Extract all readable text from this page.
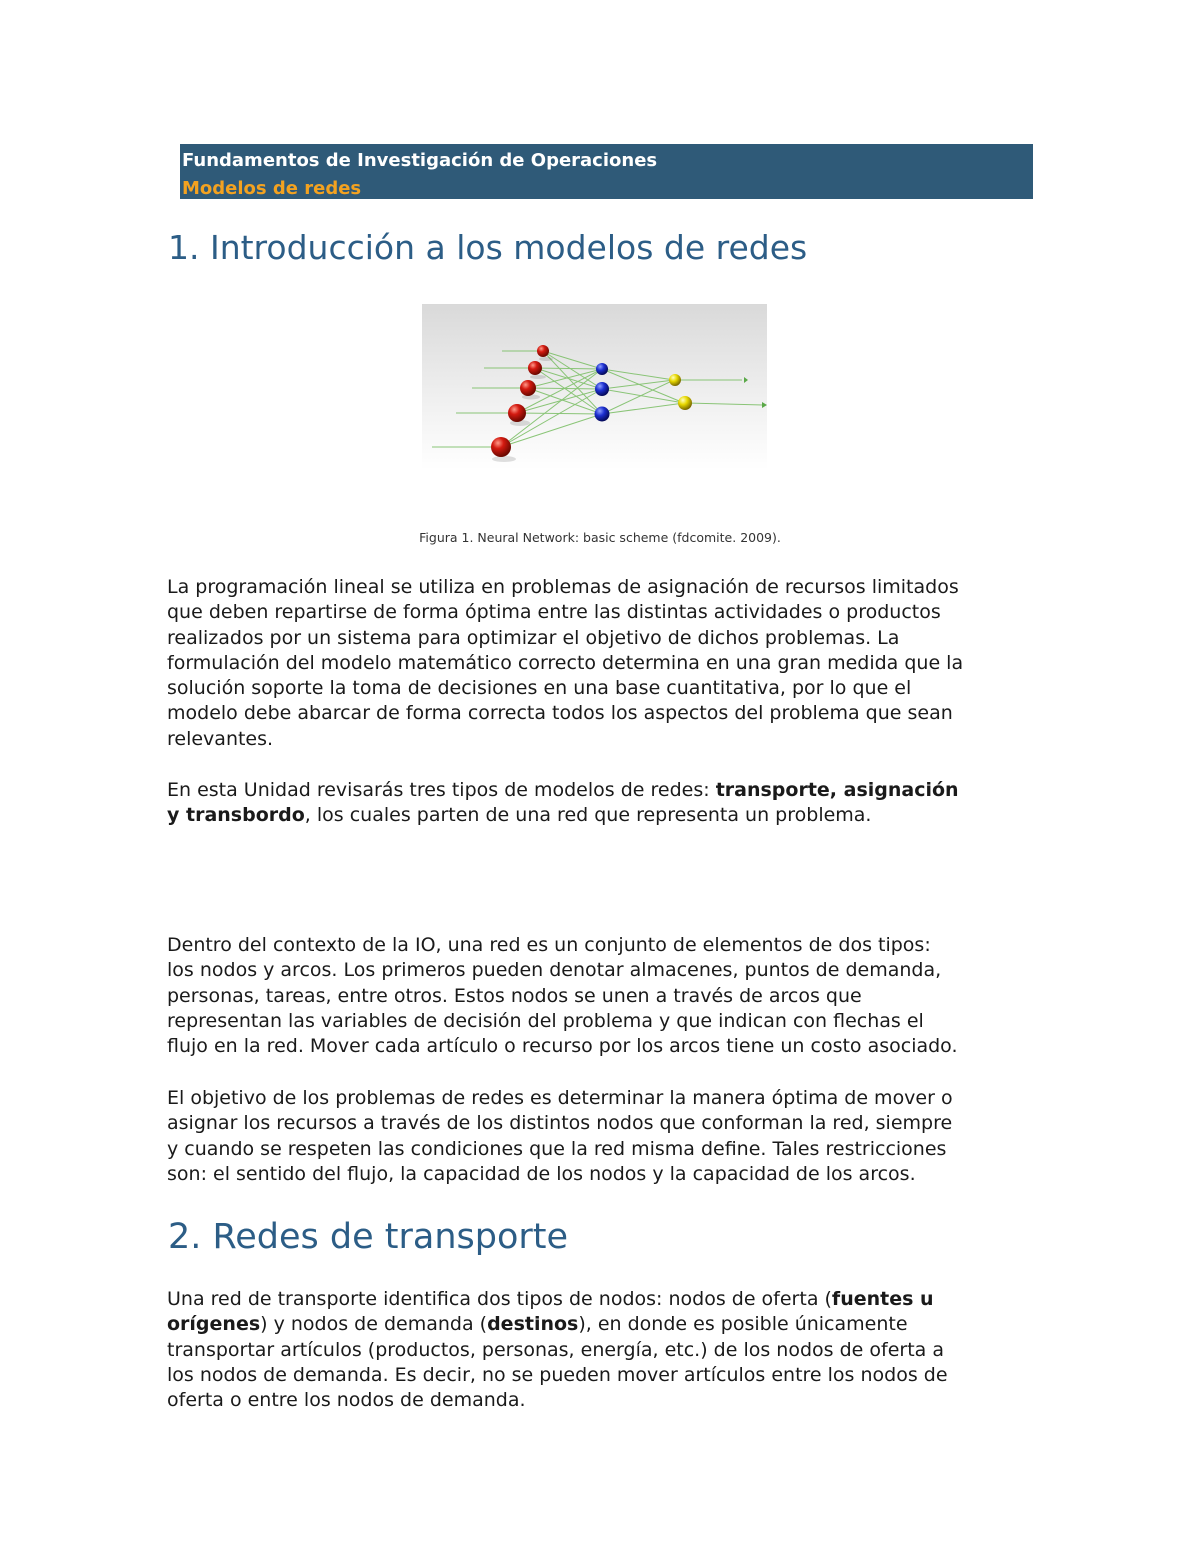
Fundamentos de Investigación de Operaciones
Modelos de redes
1. Introducción a los modelos de redes
Figura 1. Neural Network: basic scheme (fdcomite. 2009).
La programación lineal se utiliza en problemas de asignación de recursos limitados
que deben repartirse de forma óptima entre las distintas actividades o productos
realizados por un sistema para optimizar el objetivo de dichos problemas. La
formulación del modelo matemático correcto determina en una gran medida que la
solución soporte la toma de decisiones en una base cuantitativa, por lo que el
modelo debe abarcar de forma correcta todos los aspectos del problema que sean
relevantes.
En esta Unidad revisarás tres tipos de modelos de redes: transporte, asignación
y transbordo, los cuales parten de una red que representa un problema.
Dentro del contexto de la IO, una red es un conjunto de elementos de dos tipos:
los nodos y arcos. Los primeros pueden denotar almacenes, puntos de demanda,
personas, tareas, entre otros. Estos nodos se unen a través de arcos que
representan las variables de decisión del problema y que indican con flechas el
flujo en la red. Mover cada artículo o recurso por los arcos tiene un costo asociado.
El objetivo de los problemas de redes es determinar la manera óptima de mover o
asignar los recursos a través de los distintos nodos que conforman la red, siempre
y cuando se respeten las condiciones que la red misma define. Tales restricciones
son: el sentido del flujo, la capacidad de los nodos y la capacidad de los arcos.
2. Redes de transporte
Una red de transporte identifica dos tipos de nodos: nodos de oferta (fuentes u
orígenes) y nodos de demanda (destinos), en donde es posible únicamente
transportar artículos (productos, personas, energía, etc.) de los nodos de oferta a
los nodos de demanda. Es decir, no se pueden mover artículos entre los nodos de
oferta o entre los nodos de demanda.
